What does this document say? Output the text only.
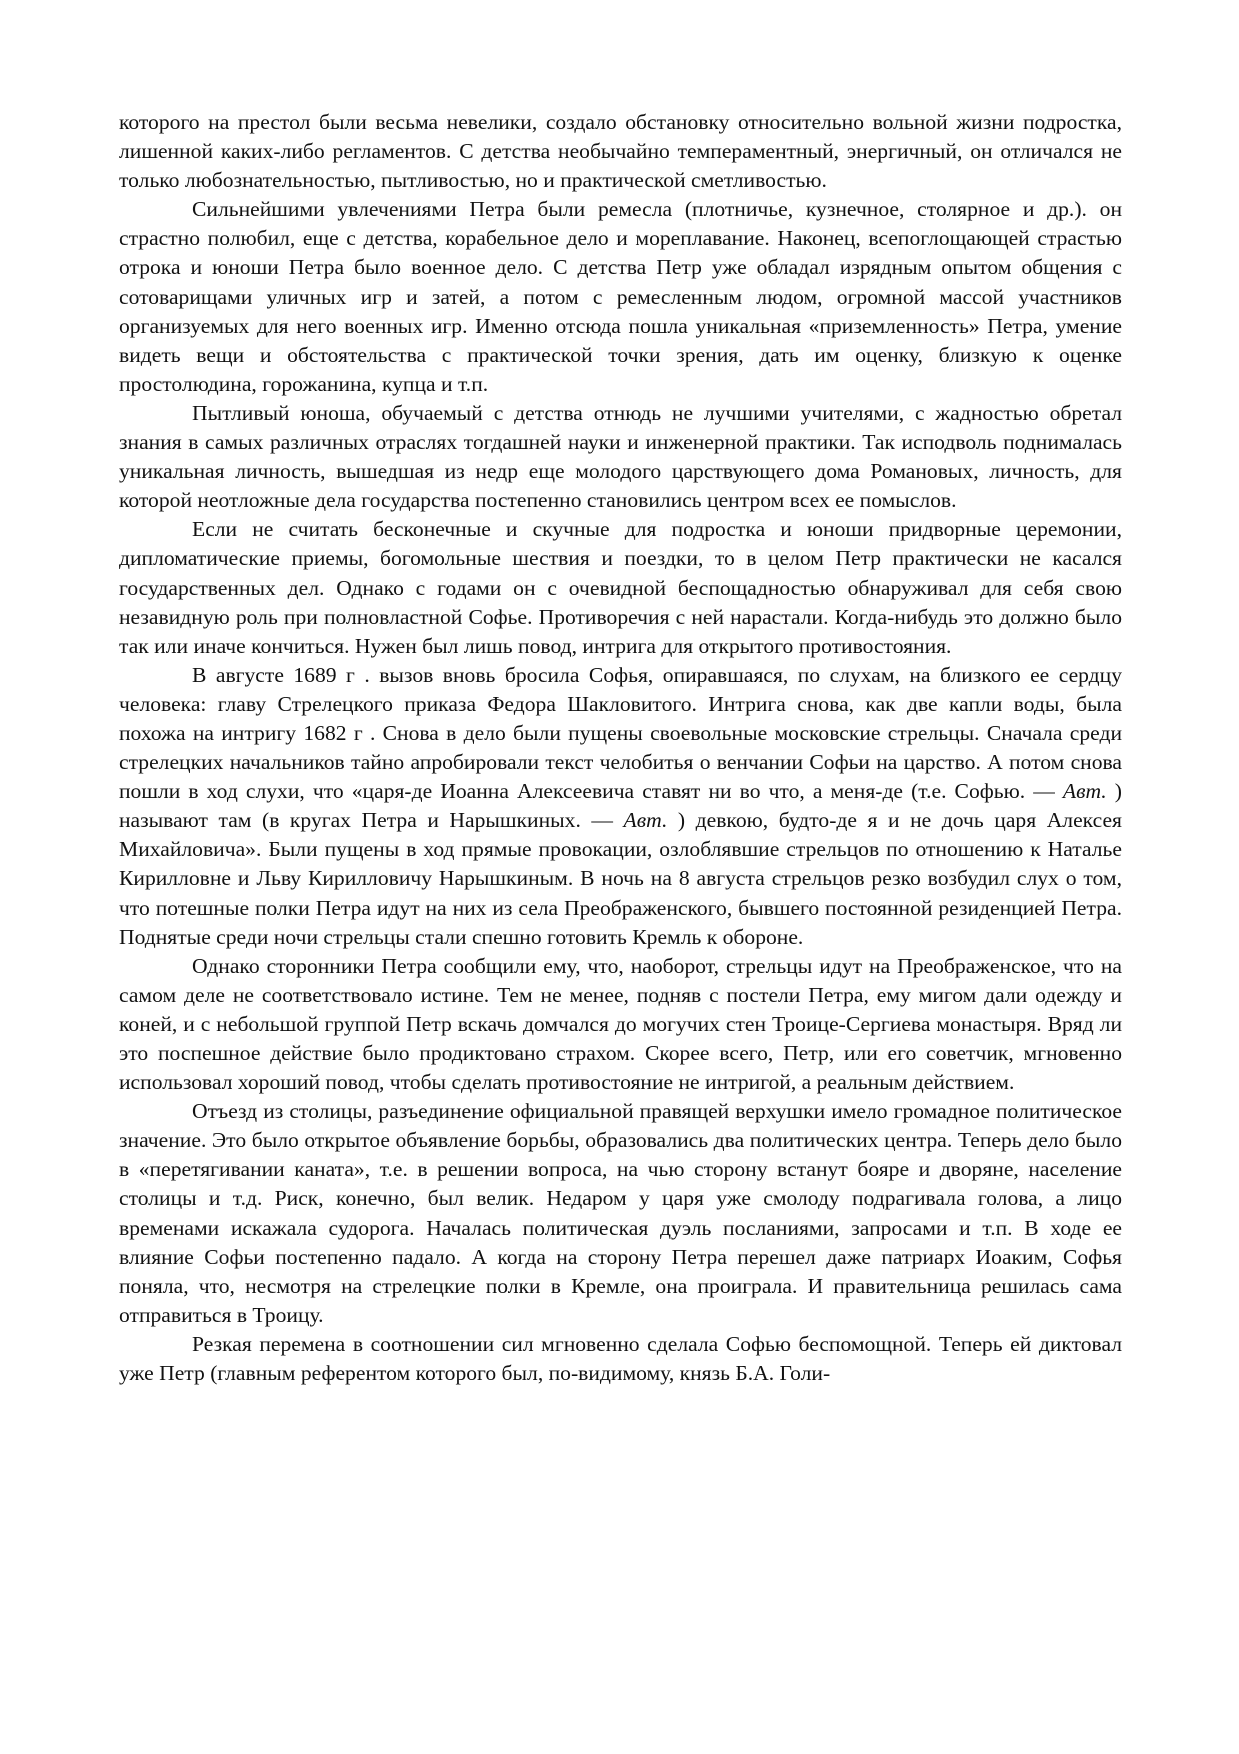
которого на престол были весьма невелики, создало обстановку относительно вольной жизни подростка, лишенной каких-либо регламентов. С детства необычайно темпераментный, энергичный, он отличался не только любознательностью, пытливостью, но и практической сметливостью.

Сильнейшими увлечениями Петра были ремесла (плотничье, кузнечное, столярное и др.). он страстно полюбил, еще с детства, корабельное дело и мореплавание. Наконец, всепоглощающей страстью отрока и юноши Петра было военное дело. С детства Петр уже обладал изрядным опытом общения с сотоварищами уличных игр и затей, а потом с ремесленным людом, огромной массой участников организуемых для него военных игр. Именно отсюда пошла уникальная «приземленность» Петра, умение видеть вещи и обстоятельства с практической точки зрения, дать им оценку, близкую к оценке простолюдина, горожанина, купца и т.п.

Пытливый юноша, обучаемый с детства отнюдь не лучшими учителями, с жадностью обретал знания в самых различных отраслях тогдашней науки и инженерной практики. Так исподволь поднималась уникальная личность, вышедшая из недр еще молодого царствующего дома Романовых, личность, для которой неотложные дела государства постепенно становились центром всех ее помыслов.

Если не считать бесконечные и скучные для подростка и юноши придворные церемонии, дипломатические приемы, богомольные шествия и поездки, то в целом Петр практически не касался государственных дел. Однако с годами он с очевидной беспощадностью обнаруживал для себя свою незавидную роль при полновластной Софье. Противоречия с ней нарастали. Когда-нибудь это должно было так или иначе кончиться. Нужен был лишь повод, интрига для открытого противостояния.

В августе 1689 г . вызов вновь бросила Софья, опиравшаяся, по слухам, на близкого ее сердцу человека: главу Стрелецкого приказа Федора Шакловитого. Интрига снова, как две капли воды, была похожа на интригу 1682 г . Снова в дело были пущены своевольные московские стрельцы. Сначала среди стрелецких начальников тайно апробировали текст челобитья о венчании Софьи на царство. А потом снова пошли в ход слухи, что «царя-де Иоанна Алексеевича ставят ни во что, а меня-де (т.е. Софью. — Авт. ) называют там (в кругах Петра и Нарышкиных. — Авт. ) девкою, будто-де я и не дочь царя Алексея Михайловича». Были пущены в ход прямые провокации, озлоблявшие стрельцов по отношению к Наталье Кирилловне и Льву Кирилловичу Нарышкиным. В ночь на 8 августа стрельцов резко возбудил слух о том, что потешные полки Петра идут на них из села Преображенского, бывшего постоянной резиденцией Петра. Поднятые среди ночи стрельцы стали спешно готовить Кремль к обороне.

Однако сторонники Петра сообщили ему, что, наоборот, стрельцы идут на Преображенское, что на самом деле не соответствовало истине. Тем не менее, подняв с постели Петра, ему мигом дали одежду и коней, и с небольшой группой Петр вскачь домчался до могучих стен Троице-Сергиева монастыря. Вряд ли это поспешное действие было продиктовано страхом. Скорее всего, Петр, или его советчик, мгновенно использовал хороший повод, чтобы сделать противостояние не интригой, а реальным действием.

Отъезд из столицы, разъединение официальной правящей верхушки имело громадное политическое значение. Это было открытое объявление борьбы, образовались два политических центра. Теперь дело было в «перетягивании каната», т.е. в решении вопроса, на чью сторону встанут бояре и дворяне, население столицы и т.д. Риск, конечно, был велик. Недаром у царя уже смолоду подрагивала голова, а лицо временами искажала судорога. Началась политическая дуэль посланиями, запросами и т.п. В ходе ее влияние Софьи постепенно падало. А когда на сторону Петра перешел даже патриарх Иоаким, Софья поняла, что, несмотря на стрелецкие полки в Кремле, она проиграла. И правительница решилась сама отправиться в Троицу.

Резкая перемена в соотношении сил мгновенно сделала Софью беспомощной. Теперь ей диктовал уже Петр (главным референтом которого был, по-видимому, князь Б.А. Голи-
